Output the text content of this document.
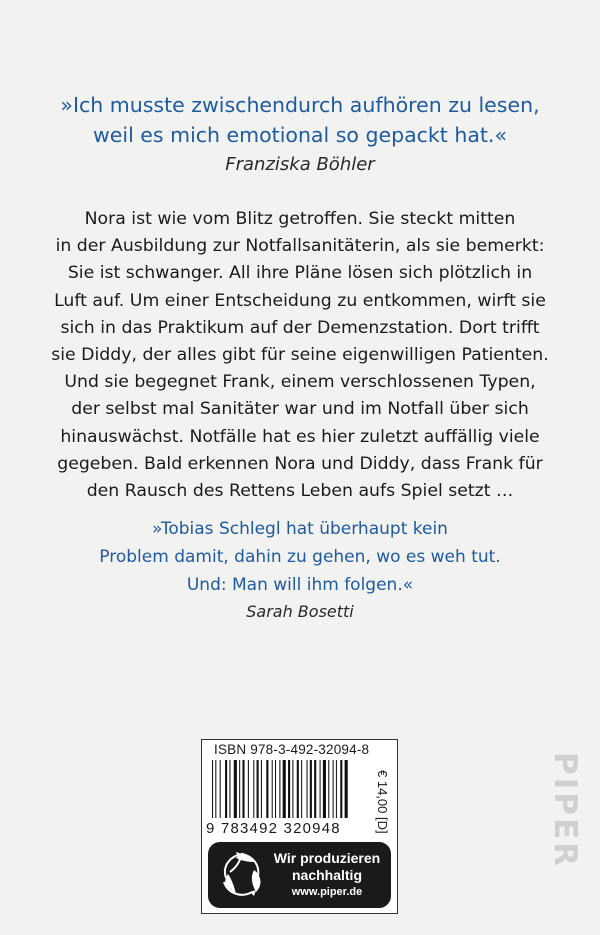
»Ich musste zwischendurch aufhören zu lesen,
weil es mich emotional so gepackt hat.«
Franziska Böhler
Nora ist wie vom Blitz getroffen. Sie steckt mitten
in der Ausbildung zur Notfallsanitäterin, als sie bemerkt:
Sie ist schwanger. All ihre Pläne lösen sich plötzlich in
Luft auf. Um einer Entscheidung zu entkommen, wirft sie
sich in das Praktikum auf der Demenzstation. Dort trifft
sie Diddy, der alles gibt für seine eigenwilligen Patienten.
Und sie begegnet Frank, einem verschlossenen Typen,
der selbst mal Sanitäter war und im Notfall über sich
hinauswächst. Notfälle hat es hier zuletzt auffällig viele
gegeben. Bald erkennen Nora und Diddy, dass Frank für
den Rausch des Rettens Leben aufs Spiel setzt …
»Tobias Schlegl hat überhaupt kein
Problem damit, dahin zu gehen, wo es weh tut.
Und: Man will ihm folgen.«
Sarah Bosetti
ISBN 978-3-492-32094-8
9 783492 320948	€ 14,00 [D]
Wir produzieren
nachhaltig
www.piper.de
PIPER
